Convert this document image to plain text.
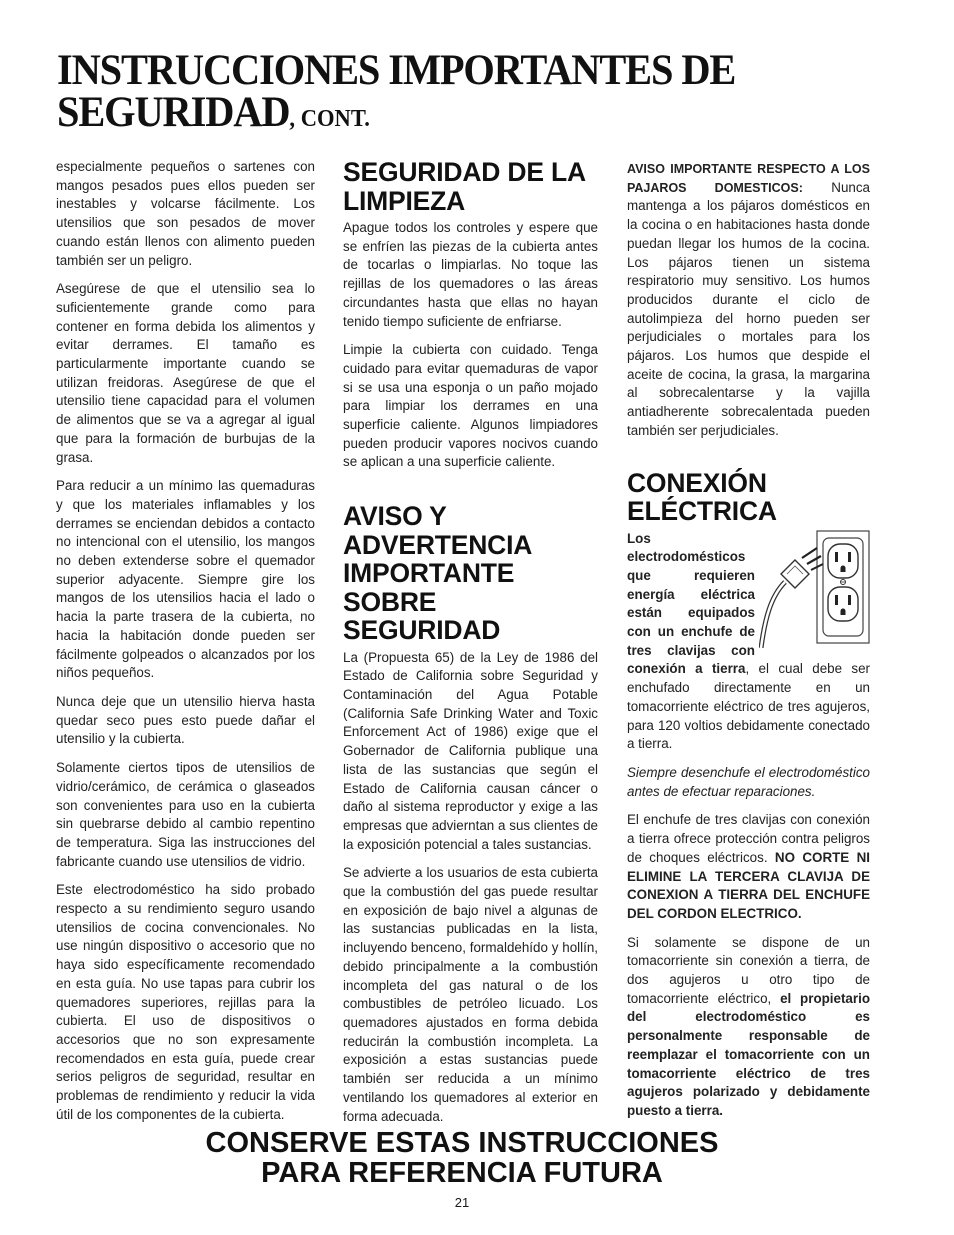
INSTRUCCIONES IMPORTANTES DE SEGURIDAD, CONT.

especialmente pequeños o sartenes con mangos pesados pues ellos pueden ser inestables y volcarse fácilmente. Los utensilios que son pesados de mover cuando están llenos con alimento pueden también ser un peligro.

Asegúrese de que el utensilio sea lo suficientemente grande como para contener en forma debida los alimentos y evitar derrames. El tamaño es particularmente importante cuando se utilizan freidoras. Asegúrese de que el utensilio tiene capacidad para el volumen de alimentos que se va a agregar al igual que para la formación de burbujas de la grasa.

Para reducir a un mínimo las quemaduras y que los materiales inflamables y los derrames se enciendan debidos a contacto no intencional con el utensilio, los mangos no deben extenderse sobre el quemador superior adyacente. Siempre gire los mangos de los utensilios hacia el lado o hacia la parte trasera de la cubierta, no hacia la habitación donde pueden ser fácilmente golpeados o alcanzados por los niños pequeños.

Nunca deje que un utensilio hierva hasta quedar seco pues esto puede dañar el utensilio y la cubierta.

Solamente ciertos tipos de utensilios de vidrio/cerámico, de cerámica o glaseados son convenientes para uso en la cubierta sin quebrarse debido al cambio repentino de temperatura. Siga las instrucciones del fabricante cuando use utensilios de vidrio.

Este electrodoméstico ha sido probado respecto a su rendimiento seguro usando utensilios de cocina convencionales. No use ningún dispositivo o accesorio que no haya sido específicamente recomendado en esta guía. No use tapas para cubrir los quemadores superiores, rejillas para la cubierta. El uso de dispositivos o accesorios que no son expresamente recomendados en esta guía, puede crear serios peligros de seguridad, resultar en problemas de rendimiento y reducir la vida útil de los componentes de la cubierta.

SEGURIDAD DE LA LIMPIEZA

Apague todos los controles y espere que se enfríen las piezas de la cubierta antes de tocarlas o limpiarlas. No toque las rejillas de los quemadores o las áreas circundantes hasta que ellas no hayan tenido tiempo suficiente de enfriarse.

Limpie la cubierta con cuidado. Tenga cuidado para evitar quemaduras de vapor si se usa una esponja o un paño mojado para limpiar los derrames en una superficie caliente. Algunos limpiadores pueden producir vapores nocivos cuando se aplican a una superficie caliente.

AVISO Y ADVERTENCIA IMPORTANTE SOBRE SEGURIDAD

La (Propuesta 65) de la Ley de 1986 del Estado de California sobre Seguridad y Contaminación del Agua Potable (California Safe Drinking Water and Toxic Enforcement Act of 1986) exige que el Gobernador de California publique una lista de las sustancias que según el Estado de California causan cáncer o daño al sistema reproductor y exige a las empresas que advierntan a sus clientes de la exposición potencial a tales sustancias.

Se advierte a los usuarios de esta cubierta que la combustión del gas puede resultar en exposición de bajo nivel a algunas de las sustancias publicadas en la lista, incluyendo benceno, formaldehído y hollín, debido principalmente a la combustión incompleta del gas natural o de los combustibles de petróleo licuado. Los quemadores ajustados en forma debida reducirán la combustión incompleta. La exposición a estas sustancias puede también ser reducida a un mínimo ventilando los quemadores al exterior en forma adecuada.

AVISO IMPORTANTE RESPECTO A LOS PAJAROS DOMESTICOS: Nunca mantenga a los pájaros domésticos en la cocina o en habitaciones hasta donde puedan llegar los humos de la cocina. Los pájaros tienen un sistema respiratorio muy sensitivo. Los humos producidos durante el ciclo de autolimpieza del horno pueden ser perjudiciales o mortales para los pájaros. Los humos que despide el aceite de cocina, la grasa, la margarina al sobrecalentarse y la vajilla antiadherente sobrecalentada pueden también ser perjudiciales.

CONEXIÓN ELÉCTRICA

Los electrodomésticos que requieren energía eléctrica están equipados con un enchufe de tres clavijas con conexión a tierra, el cual debe ser enchufado directamente en un tomacorriente eléctrico de tres agujeros, para 120 voltios debidamente conectado a tierra.

Siempre desenchufe el electrodoméstico antes de efectuar reparaciones.

El enchufe de tres clavijas con conexión a tierra ofrece protección contra peligros de choques eléctricos. NO CORTE NI ELIMINE LA TERCERA CLAVIJA DE CONEXION A TIERRA DEL ENCHUFE DEL CORDON ELECTRICO.

Si solamente se dispone de un tomacorriente sin conexión a tierra, de dos agujeros u otro tipo de tomacorriente eléctrico, el propietario del electrodoméstico es personalmente responsable de reemplazar el tomacorriente con un tomacorriente eléctrico de tres agujeros polarizado y debidamente puesto a tierra.

CONSERVE ESTAS INSTRUCCIONES
PARA REFERENCIA FUTURA
21
